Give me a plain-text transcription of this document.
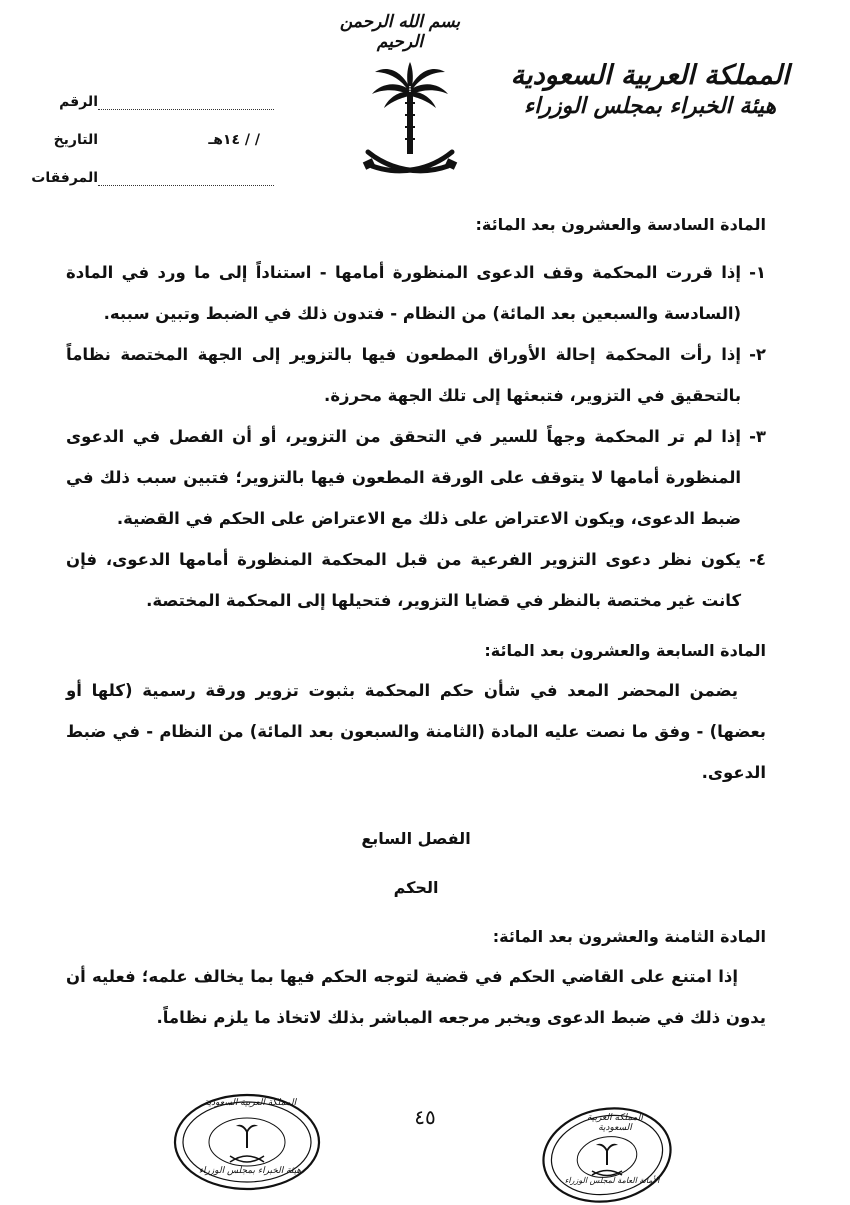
بسم الله الرحمن الرحيم
المملكة العربية السعودية
هيئة الخبراء بمجلس الوزراء
الرقم
التاريخ	/ / ١٤هـ
المرفقات
المادة السادسة والعشرون بعد المائة:
١-
إذا قررت المحكمة وقف الدعوى المنظورة أمامها - استناداً إلى ما ورد في المادة (السادسة والسبعين بعد المائة) من النظام - فتدون ذلك في الضبط وتبين سببه.
٢-
إذا رأت المحكمة إحالة الأوراق المطعون فيها بالتزوير إلى الجهة المختصة نظاماً بالتحقيق في التزوير، فتبعثها إلى تلك الجهة محرزة.
٣-
إذا لم تر المحكمة وجهاً للسير في التحقق من التزوير، أو أن الفصل في الدعوى المنظورة أمامها لا يتوقف على الورقة المطعون فيها بالتزوير؛ فتبين سبب ذلك في ضبط الدعوى، ويكون الاعتراض على ذلك مع الاعتراض على الحكم في القضية.
٤-
يكون نظر دعوى التزوير الفرعية من قبل المحكمة المنظورة أمامها الدعوى، فإن كانت غير مختصة بالنظر في قضايا التزوير، فتحيلها إلى المحكمة المختصة.
المادة السابعة والعشرون بعد المائة:
يضمن المحضر المعد في شأن حكم المحكمة بثبوت تزوير ورقة رسمية (كلها أو بعضها) - وفق ما نصت عليه المادة (الثامنة والسبعون بعد المائة) من النظام - في ضبط الدعوى.
الفصل السابع
الحكم
المادة الثامنة والعشرون بعد المائة:
إذا امتنع على القاضي الحكم في قضية لتوجه الحكم فيها بما يخالف علمه؛ فعليه أن يدون ذلك في ضبط الدعوى ويخبر مرجعه المباشر بذلك لاتخاذ ما يلزم نظاماً.
٤٥
المملكة العربية السعودية
هيئة الخبراء بمجلس الوزراء
المملكة العربية السعودية
الأمانة العامة لمجلس الوزراء
